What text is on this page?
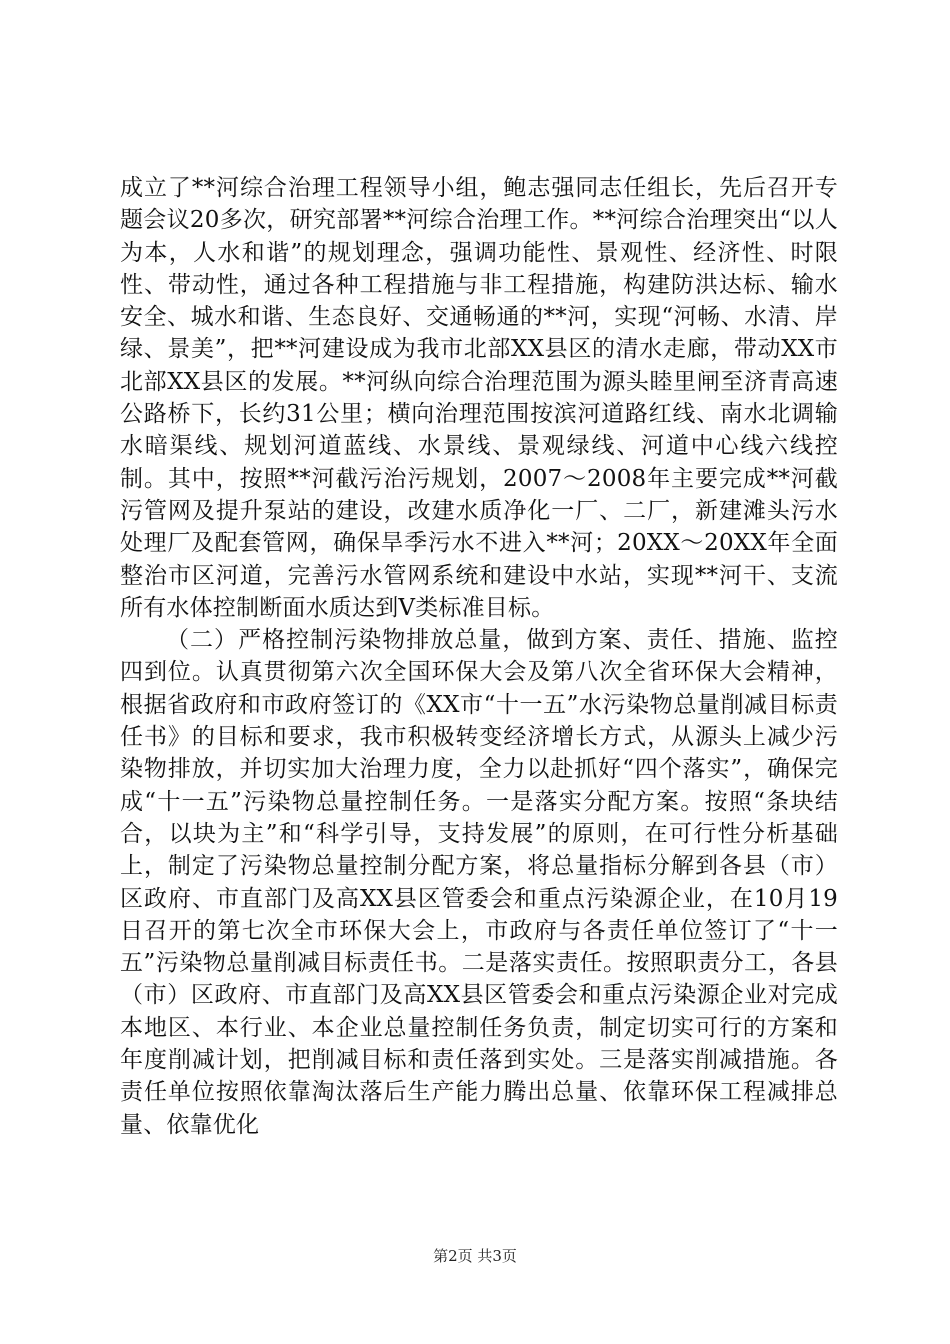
成立了**河综合治理工程领导小组，鲍志强同志任组长，先后召开专题会议20多次，研究部署**河综合治理工作。**河综合治理突出“以人为本，人水和谐”的规划理念，强调功能性、景观性、经济性、时限性、带动性，通过各种工程措施与非工程措施，构建防洪达标、输水安全、城水和谐、生态良好、交通畅通的**河，实现“河畅、水清、岸绿、景美”，把**河建设成为我市北部XX县区的清水走廊，带动XX市北部XX县区的发展。**河纵向综合治理范围为源头睦里闸至济青高速公路桥下，长约31公里；横向治理范围按滨河道路红线、南水北调输水暗渠线、规划河道蓝线、水景线、景观绿线、河道中心线六线控制。其中，按照**河截污治污规划，2007～2008年主要完成**河截污管网及提升泵站的建设，改建水质净化一厂、二厂，新建滩头污水处理厂及配套管网，确保旱季污水不进入**河；20XX～20XX年全面整治市区河道，完善污水管网系统和建设中水站，实现**河干、支流所有水体控制断面水质达到Ⅴ类标准目标。

（二）严格控制污染物排放总量，做到方案、责任、措施、监控四到位。认真贯彻第六次全国环保大会及第八次全省环保大会精神，根据省政府和市政府签订的《XX市“十一五”水污染物总量削减目标责任书》的目标和要求，我市积极转变经济增长方式，从源头上减少污染物排放，并切实加大治理力度，全力以赴抓好“四个落实”，确保完成“十一五”污染物总量控制任务。一是落实分配方案。按照“条块结合，以块为主”和“科学引导，支持发展”的原则，在可行性分析基础上，制定了污染物总量控制分配方案，将总量指标分解到各县（市）区政府、市直部门及高XX县区管委会和重点污染源企业，在10月19日召开的第七次全市环保大会上，市政府与各责任单位签订了“十一五”污染物总量削减目标责任书。二是落实责任。按照职责分工，各县（市）区政府、市直部门及高XX县区管委会和重点污染源企业对完成本地区、本行业、本企业总量控制任务负责，制定切实可行的方案和年度削减计划，把削减目标和责任落到实处。三是落实削减措施。各责任单位按照依靠淘汰落后生产能力腾出总量、依靠环保工程减排总量、依靠优化

第2页 共3页
